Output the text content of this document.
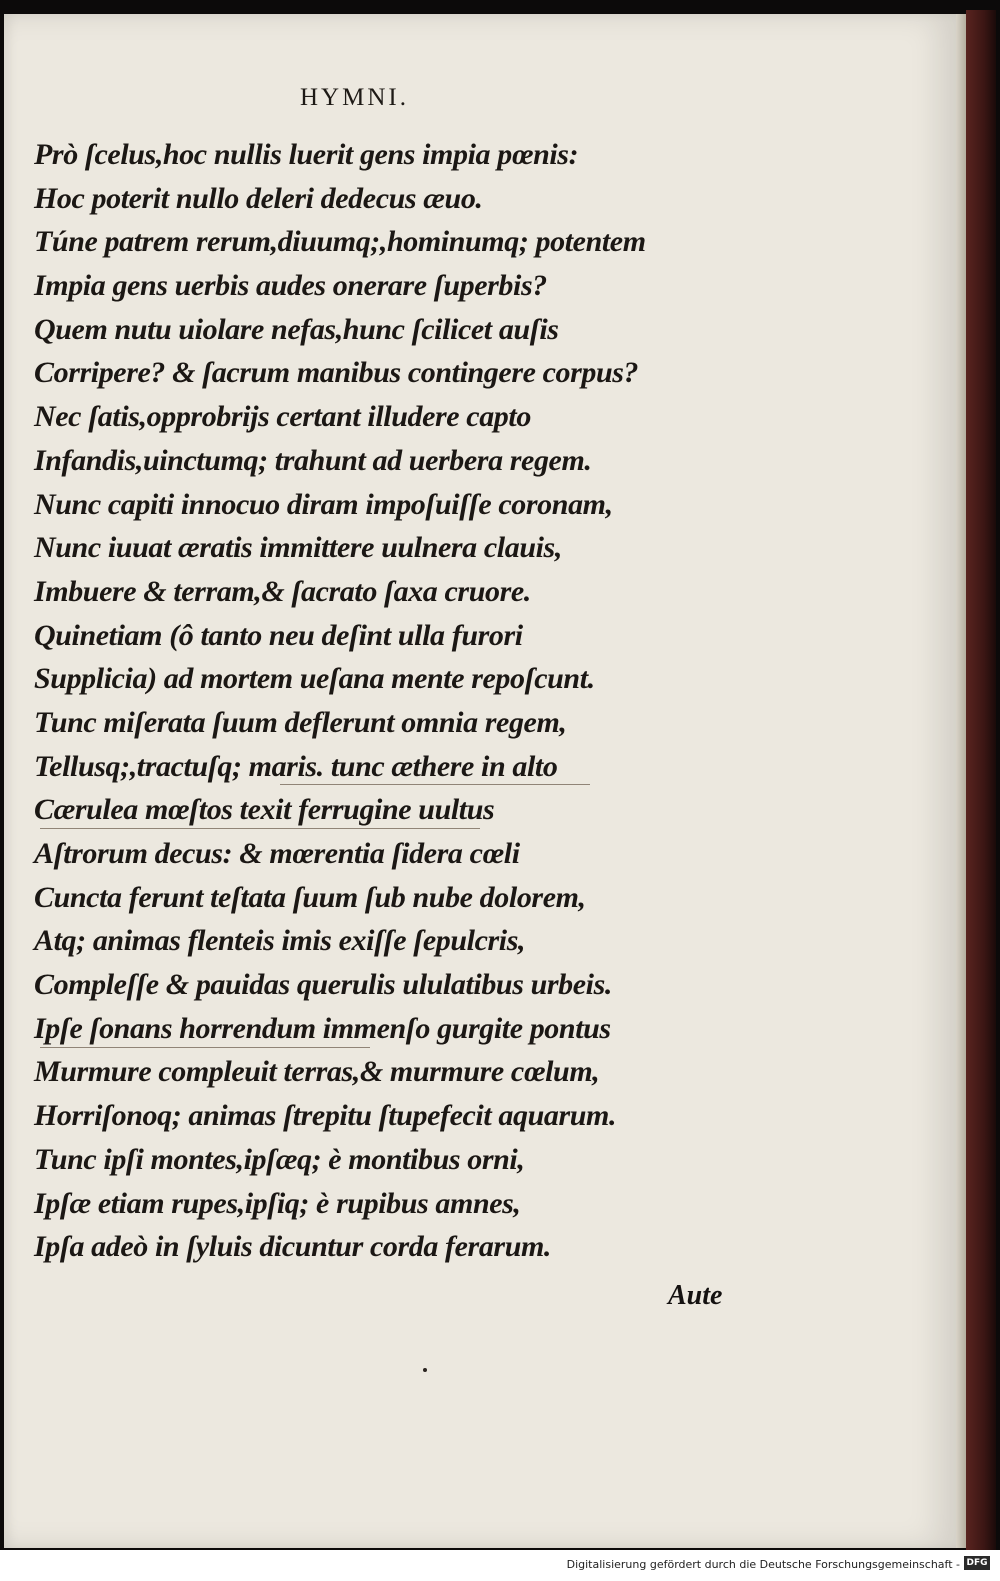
HYMNI.
Prò ſcelus,hoc nullis luerit gens impia pœnis:
Hoc poterit nullo deleri dedecus æuo.
Túne patrem rerum,diuumq;,hominumq; potentem
Impia gens uerbis audes onerare ſuperbis?
Quem nutu uiolare nefas,hunc ſcilicet auſis
Corripere? & ſacrum manibus contingere corpus?
Nec ſatis,opprobrijs certant illudere capto
Infandis,uinctumq; trahunt ad uerbera regem.
Nunc capiti innocuo diram impoſuiſſe coronam,
Nunc iuuat æratis immittere uulnera clauis,
Imbuere & terram,& ſacrato ſaxa cruore.
Quinetiam (ô tanto neu deſint ulla furori
Supplicia) ad mortem ueſana mente repoſcunt.
Tunc miſerata ſuum deflerunt omnia regem,
Tellusq;,tractuſq; maris. tunc æthere in alto
Cærulea mœſtos texit ferrugine uultus
Aſtrorum decus: & mœrentia ſidera cœli
Cuncta ferunt teſtata ſuum ſub nube dolorem,
Atq; animas flenteis imis exiſſe ſepulcris,
Compleſſe & pauidas querulis ululatibus urbeis.
Ipſe ſonans horrendum immenſo gurgite pontus
Murmure compleuit terras,& murmure cœlum,
Horriſonoq; animas ſtrepitu ſtupefecit aquarum.
Tunc ipſi montes,ipſæq; è montibus orni,
Ipſæ etiam rupes,ipſiq; è rupibus amnes,
Ipſa adeò in ſyluis dicuntur corda ferarum.
Aute
Digitalisierung gefördert durch die Deutsche Forschungsgemeinschaft - DFG
